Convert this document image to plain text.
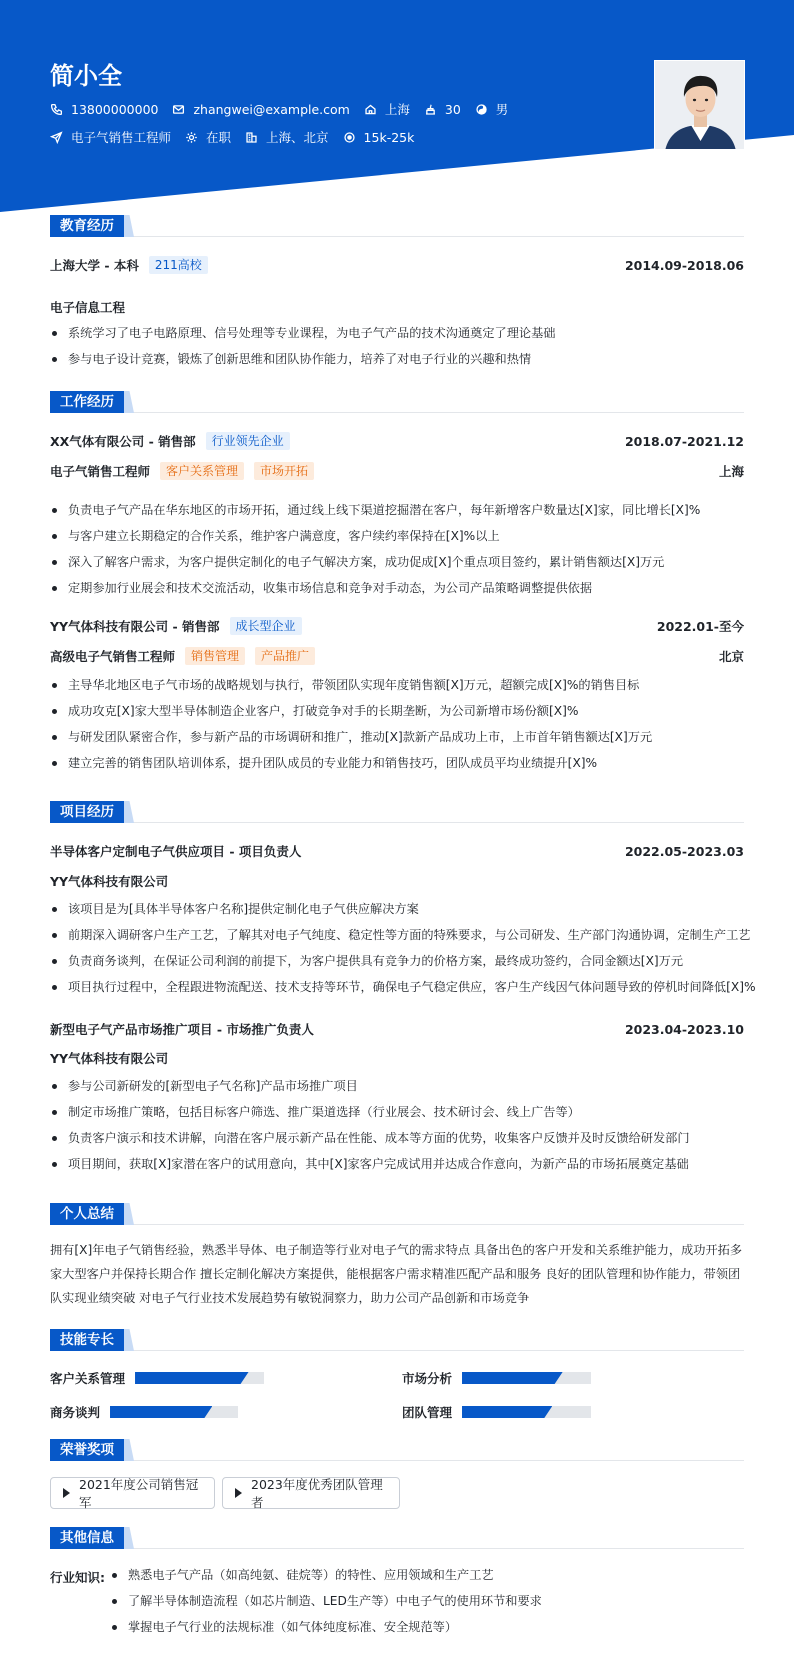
简小全
13800000000	zhangwei@example.com	上海	30	男
电子气销售工程师	在职	上海、北京	15k-25k
教育经历
上海大学 - 本科	211高校	2014.09-2018.06
电子信息工程
系统学习了电子电路原理、信号处理等专业课程，为电子气产品的技术沟通奠定了理论基础
参与电子设计竞赛，锻炼了创新思维和团队协作能力，培养了对电子行业的兴趣和热情
工作经历
XX气体有限公司 - 销售部	行业领先企业	2018.07-2021.12
电子气销售工程师	客户关系管理	市场开拓	上海
负责电子气产品在华东地区的市场开拓，通过线上线下渠道挖掘潜在客户，每年新增客户数量达[X]家，同比增长[X]%
与客户建立长期稳定的合作关系，维护客户满意度，客户续约率保持在[X]%以上
深入了解客户需求，为客户提供定制化的电子气解决方案，成功促成[X]个重点项目签约，累计销售额达[X]万元
定期参加行业展会和技术交流活动，收集市场信息和竞争对手动态，为公司产品策略调整提供依据
YY气体科技有限公司 - 销售部	成长型企业	2022.01-至今
高级电子气销售工程师	销售管理	产品推广	北京
主导华北地区电子气市场的战略规划与执行，带领团队实现年度销售额[X]万元，超额完成[X]%的销售目标
成功攻克[X]家大型半导体制造企业客户，打破竞争对手的长期垄断，为公司新增市场份额[X]%
与研发团队紧密合作，参与新产品的市场调研和推广，推动[X]款新产品成功上市，上市首年销售额达[X]万元
建立完善的销售团队培训体系，提升团队成员的专业能力和销售技巧，团队成员平均业绩提升[X]%
项目经历
半导体客户定制电子气供应项目 - 项目负责人	2022.05-2023.03
YY气体科技有限公司
该项目是为[具体半导体客户名称]提供定制化电子气供应解决方案
前期深入调研客户生产工艺，了解其对电子气纯度、稳定性等方面的特殊要求，与公司研发、生产部门沟通协调，定制生产工艺
负责商务谈判，在保证公司利润的前提下，为客户提供具有竞争力的价格方案，最终成功签约，合同金额达[X]万元
项目执行过程中，全程跟进物流配送、技术支持等环节，确保电子气稳定供应，客户生产线因气体问题导致的停机时间降低[X]%
新型电子气产品市场推广项目 - 市场推广负责人	2023.04-2023.10
YY气体科技有限公司
参与公司新研发的[新型电子气名称]产品市场推广项目
制定市场推广策略，包括目标客户筛选、推广渠道选择（行业展会、技术研讨会、线上广告等）
负责客户演示和技术讲解，向潜在客户展示新产品在性能、成本等方面的优势，收集客户反馈并及时反馈给研发部门
项目期间，获取[X]家潜在客户的试用意向，其中[X]家客户完成试用并达成合作意向，为新产品的市场拓展奠定基础
个人总结
拥有[X]年电子气销售经验，熟悉半导体、电子制造等行业对电子气的需求特点 具备出色的客户开发和关系维护能力，成功开拓多家大型客户并保持长期合作 擅长定制化解决方案提供，能根据客户需求精准匹配产品和服务 良好的团队管理和协作能力，带领团队实现业绩突破 对电子气行业技术发展趋势有敏锐洞察力，助力公司产品创新和市场竞争
技能专长
客户关系管理	市场分析
商务谈判	团队管理
荣誉奖项
2021年度公司销售冠军
2023年度优秀团队管理者
其他信息
行业知识:	熟悉电子气产品（如高纯氨、硅烷等）的特性、应用领域和生产工艺
了解半导体制造流程（如芯片制造、LED生产等）中电子气的使用环节和要求
掌握电子气行业的法规标准（如气体纯度标准、安全规范等）
